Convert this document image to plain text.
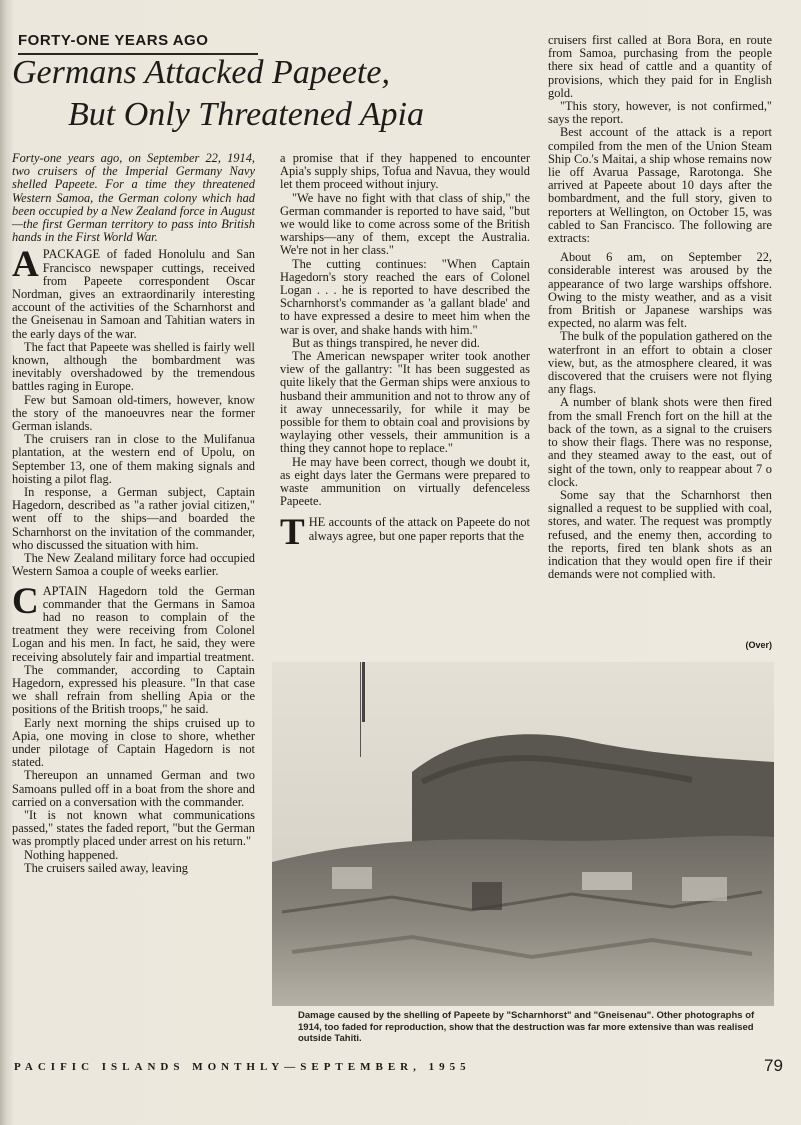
FORTY-ONE YEARS AGO
Germans Attacked Papeete,
But Only Threatened Apia

Forty-one years ago, on September 22, 1914, two cruisers of the Imperial Germany Navy shelled Papeete. For a time they threatened Western Samoa, the German colony which had been occupied by a New Zealand force in August—the first German territory to pass into British hands in the First World War.

A PACKAGE of faded Honolulu and San Francisco newspaper cuttings, received from Papeete correspondent Oscar Nordman, gives an extraordinarily interesting account of the activities of the Scharnhorst and the Gneisenau in Samoan and Tahitian waters in the early days of the war.

The fact that Papeete was shelled is fairly well known, although the bombardment was inevitably overshadowed by the tremendous battles raging in Europe.

Few but Samoan old-timers, however, know the story of the manoeuvres near the former German islands.

The cruisers ran in close to the Mulifanua plantation, at the western end of Upolu, on September 13, one of them making signals and hoisting a pilot flag.

In response, a German subject, Captain Hagedorn, described as "a rather jovial citizen," went off to the ships—and boarded the Scharnhorst on the invitation of the commander, who discussed the situation with him.

The New Zealand military force had occupied Western Samoa a couple of weeks earlier.

CAPTAIN Hagedorn told the German commander that the Germans in Samoa had no reason to complain of the treatment they were receiving from Colonel Logan and his men. In fact, he said, they were receiving absolutely fair and impartial treatment.

The commander, according to Captain Hagedorn, expressed his pleasure. "In that case we shall refrain from shelling Apia or the positions of the British troops," he said.

Early next morning the ships cruised up to Apia, one moving in close to shore, whether under pilotage of Captain Hagedorn is not stated.

Thereupon an unnamed German and two Samoans pulled off in a boat from the shore and carried on a conversation with the commander.

"It is not known what communications passed," states the faded report, "but the German was promptly placed under arrest on his return."

Nothing happened.

The cruisers sailed away, leaving

a promise that if they happened to encounter Apia's supply ships, Tofua and Navua, they would let them proceed without injury.

"We have no fight with that class of ship," the German commander is reported to have said, "but we would like to come across some of the British warships—any of them, except the Australia. We're not in her class."

The cutting continues: "When Captain Hagedorn's story reached the ears of Colonel Logan . . . he is reported to have described the Scharnhorst's commander as 'a gallant blade' and to have expressed a desire to meet him when the war is over, and shake hands with him."

But as things transpired, he never did.

The American newspaper writer took another view of the gallantry: "It has been suggested as quite likely that the German ships were anxious to husband their ammunition and not to throw any of it away unnecessarily, for while it may be possible for them to obtain coal and provisions by waylaying other vessels, their ammunition is a thing they cannot hope to replace."

He may have been correct, though we doubt it, as eight days later the Germans were prepared to waste ammunition on virtually defenceless Papeete.

THE accounts of the attack on Papeete do not always agree, but one paper reports that the

cruisers first called at Bora Bora, en route from Samoa, purchasing from the people there six head of cattle and a quantity of provisions, which they paid for in English gold.

"This story, however, is not confirmed," says the report.

Best account of the attack is a report compiled from the men of the Union Steam Ship Co.'s Maitai, a ship whose remains now lie off Avarua Passage, Rarotonga. She arrived at Papeete about 10 days after the bombardment, and the full story, given to reporters at Wellington, on October 15, was cabled to San Francisco. The following are extracts:

About 6 am, on September 22, considerable interest was aroused by the appearance of two large warships offshore. Owing to the misty weather, and as a visit from British or Japanese warships was expected, no alarm was felt.

The bulk of the population gathered on the waterfront in an effort to obtain a closer view, but, as the atmosphere cleared, it was discovered that the cruisers were not flying any flags.

A number of blank shots were then fired from the small French fort on the hill at the back of the town, as a signal to the cruisers to show their flags. There was no response, and they steamed away to the east, out of sight of the town, only to reappear about 7 o clock.

Some say that the Scharnhorst then signalled a request to be supplied with coal, stores, and water. The request was promptly refused, and the enemy then, according to the reports, fired ten blank shots as an indication that they would open fire if their demands were not complied with.

(Over)
Damage caused by the shelling of Papeete by "Scharnhorst" and "Gneisenau". Other photographs of 1914, too faded for reproduction, show that the destruction was far more extensive than was realised outside Tahiti.
PACIFIC ISLANDS MONTHLY—SEPTEMBER, 1955	79
